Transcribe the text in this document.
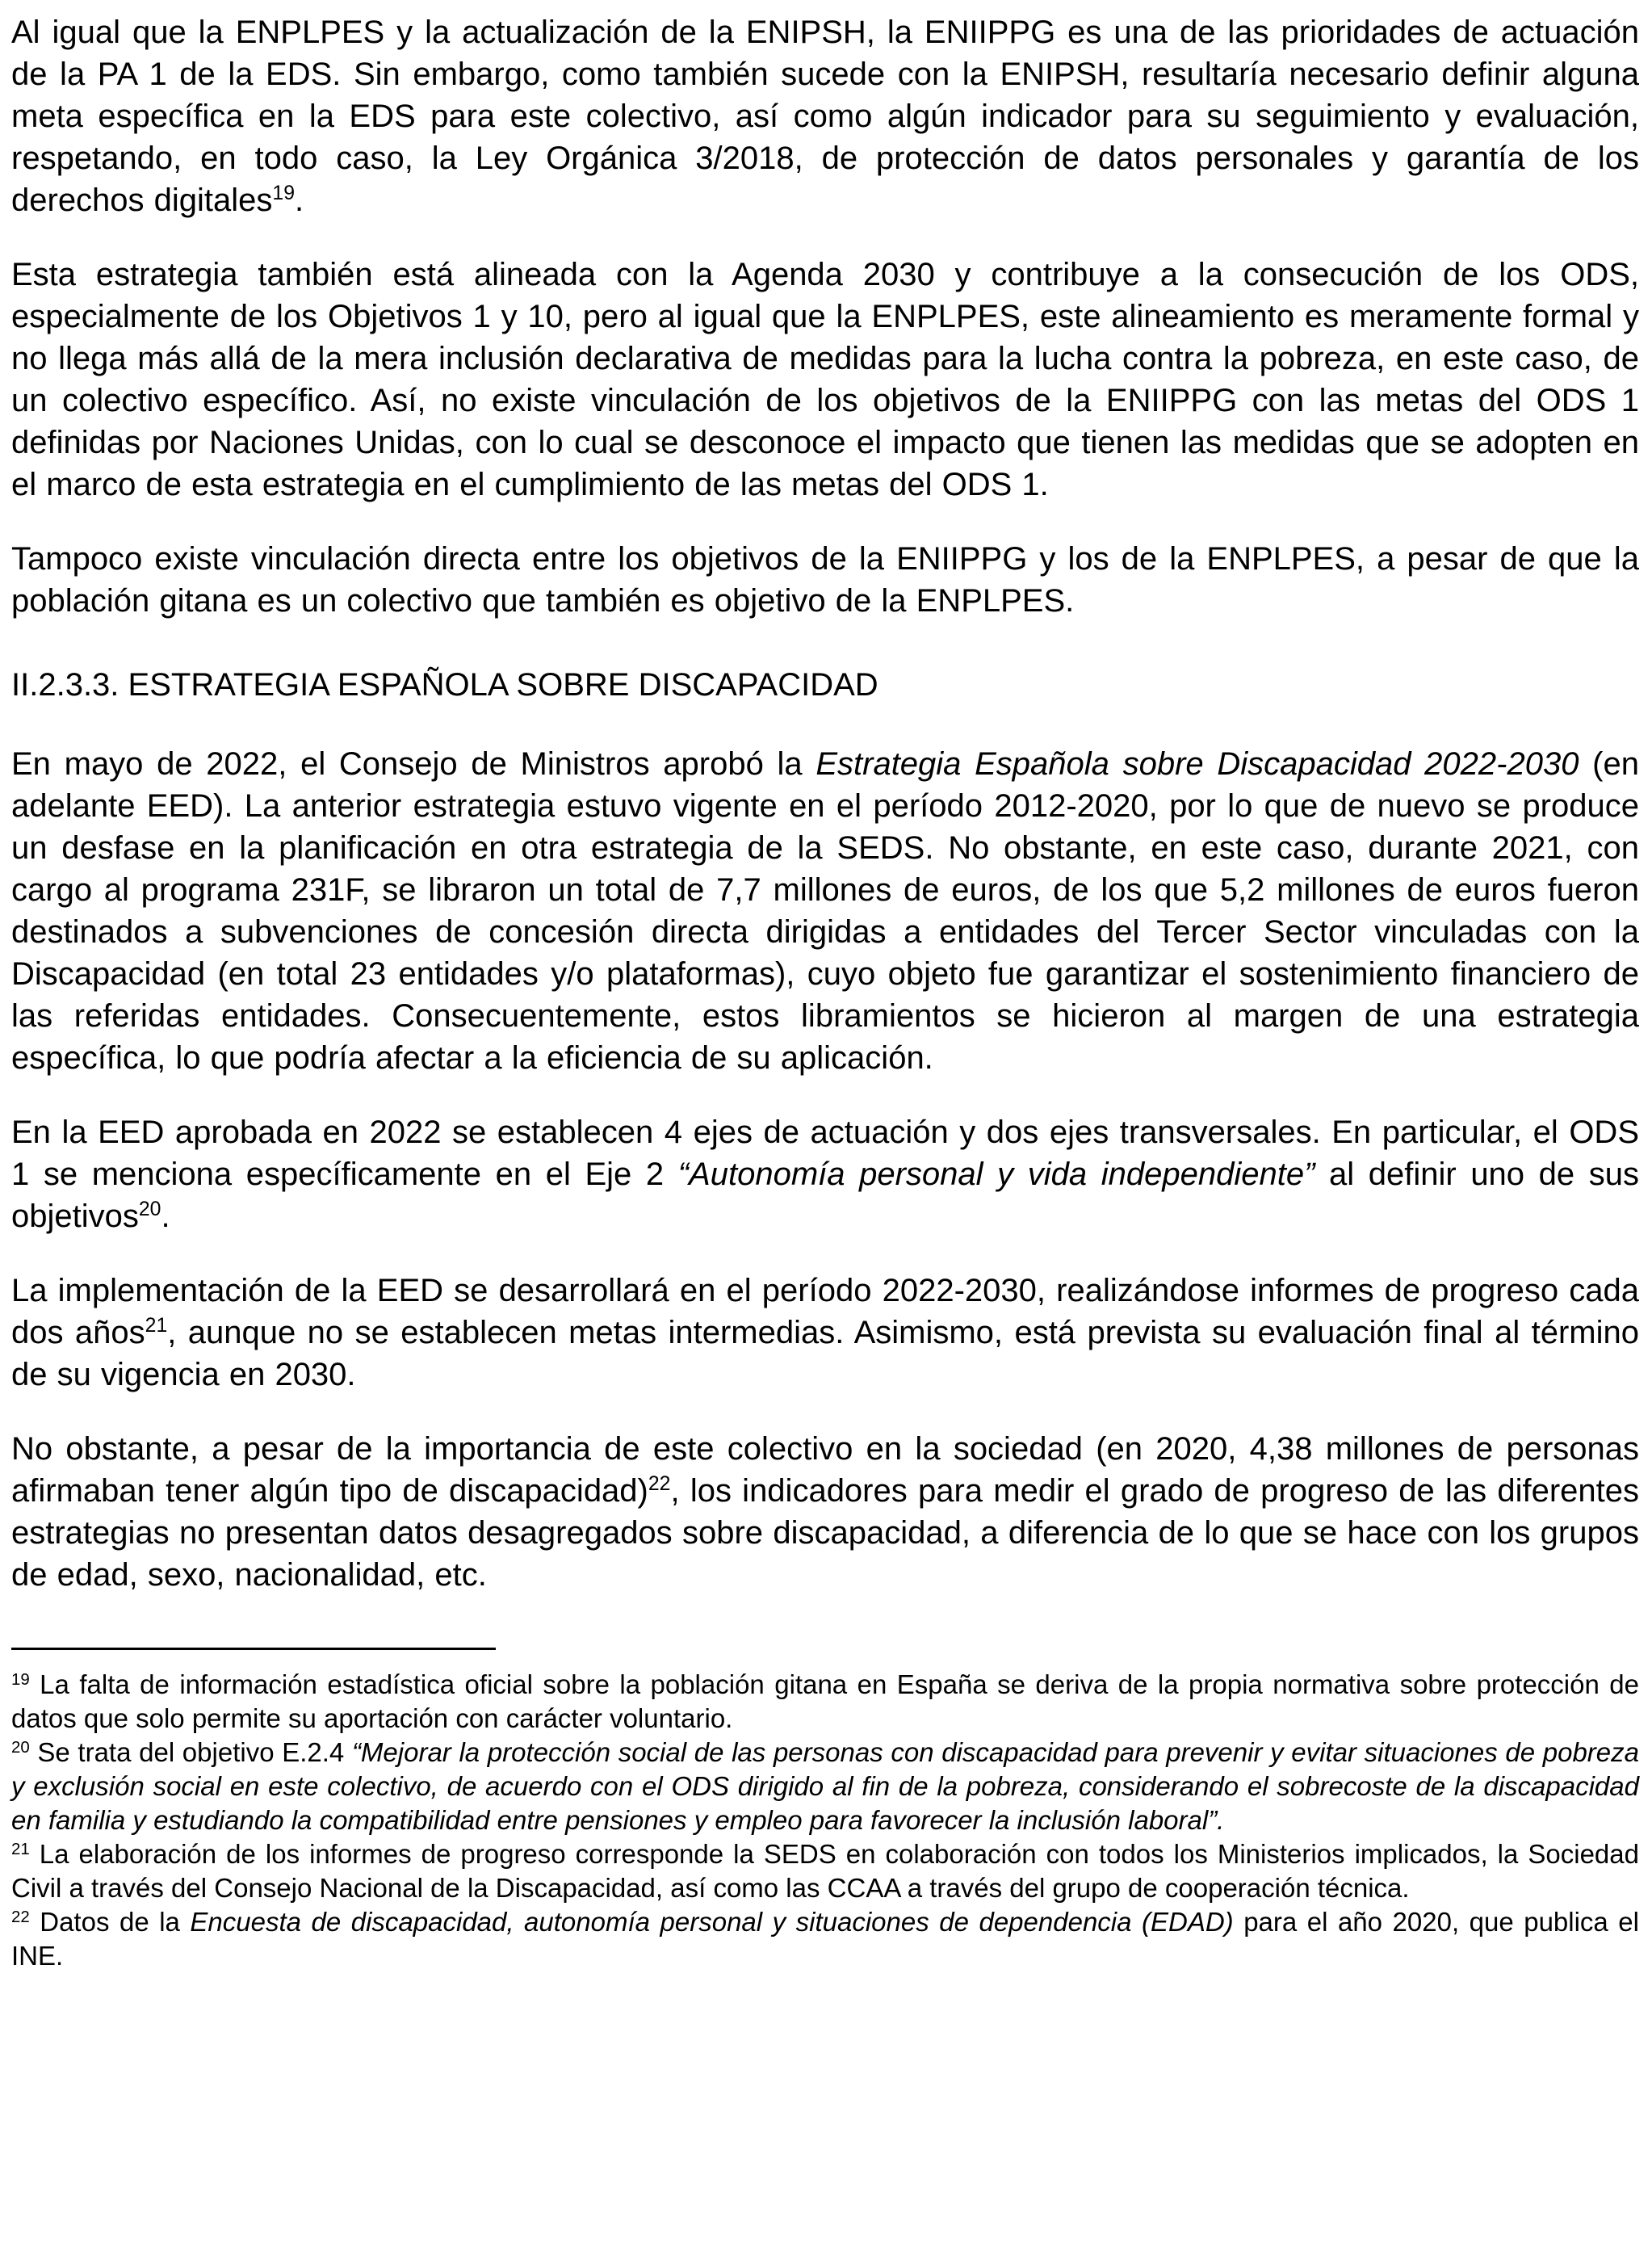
Al igual que la ENPLPES y la actualización de la ENIPSH, la ENIIPPG es una de las prioridades de actuación de la PA 1 de la EDS. Sin embargo, como también sucede con la ENIPSH, resultaría necesario definir alguna meta específica en la EDS para este colectivo, así como algún indicador para su seguimiento y evaluación, respetando, en todo caso, la Ley Orgánica 3/2018, de protección de datos personales y garantía de los derechos digitales$^{19}$.

Esta estrategia también está alineada con la Agenda 2030 y contribuye a la consecución de los ODS, especialmente de los Objetivos 1 y 10, pero al igual que la ENPLPES, este alineamiento es meramente formal y no llega más allá de la mera inclusión declarativa de medidas para la lucha contra la pobreza, en este caso, de un colectivo específico. Así, no existe vinculación de los objetivos de la ENIIPPG con las metas del ODS 1 definidas por Naciones Unidas, con lo cual se desconoce el impacto que tienen las medidas que se adopten en el marco de esta estrategia en el cumplimiento de las metas del ODS 1.

Tampoco existe vinculación directa entre los objetivos de la ENIIPPG y los de la ENPLPES, a pesar de que la población gitana es un colectivo que también es objetivo de la ENPLPES.

II.2.3.3. ESTRATEGIA ESPAÑOLA SOBRE DISCAPACIDAD

En mayo de 2022, el Consejo de Ministros aprobó la Estrategia Española sobre Discapacidad 2022-2030 (en adelante EED). La anterior estrategia estuvo vigente en el período 2012-2020, por lo que de nuevo se produce un desfase en la planificación en otra estrategia de la SEDS. No obstante, en este caso, durante 2021, con cargo al programa 231F, se libraron un total de 7,7 millones de euros, de los que 5,2 millones de euros fueron destinados a subvenciones de concesión directa dirigidas a entidades del Tercer Sector vinculadas con la Discapacidad (en total 23 entidades y/o plataformas), cuyo objeto fue garantizar el sostenimiento financiero de las referidas entidades. Consecuentemente, estos libramientos se hicieron al margen de una estrategia específica, lo que podría afectar a la eficiencia de su aplicación.

En la EED aprobada en 2022 se establecen 4 ejes de actuación y dos ejes transversales. En particular, el ODS 1 se menciona específicamente en el Eje 2 “Autonomía personal y vida independiente” al definir uno de sus objetivos$^{20}$.

La implementación de la EED se desarrollará en el período 2022-2030, realizándose informes de progreso cada dos años$^{21}$, aunque no se establecen metas intermedias. Asimismo, está prevista su evaluación final al término de su vigencia en 2030.

No obstante, a pesar de la importancia de este colectivo en la sociedad (en 2020, 4,38 millones de personas afirmaban tener algún tipo de discapacidad)$^{22}$, los indicadores para medir el grado de progreso de las diferentes estrategias no presentan datos desagregados sobre discapacidad, a diferencia de lo que se hace con los grupos de edad, sexo, nacionalidad, etc.

$^{19}$ La falta de información estadística oficial sobre la población gitana en España se deriva de la propia normativa sobre protección de datos que solo permite su aportación con carácter voluntario.

$^{20}$ Se trata del objetivo E.2.4 “Mejorar la protección social de las personas con discapacidad para prevenir y evitar situaciones de pobreza y exclusión social en este colectivo, de acuerdo con el ODS dirigido al fin de la pobreza, considerando el sobrecoste de la discapacidad en familia y estudiando la compatibilidad entre pensiones y empleo para favorecer la inclusión laboral”.

$^{21}$ La elaboración de los informes de progreso corresponde la SEDS en colaboración con todos los Ministerios implicados, la Sociedad Civil a través del Consejo Nacional de la Discapacidad, así como las CCAA a través del grupo de cooperación técnica.

$^{22}$ Datos de la Encuesta de discapacidad, autonomía personal y situaciones de dependencia (EDAD) para el año 2020, que publica el INE.
